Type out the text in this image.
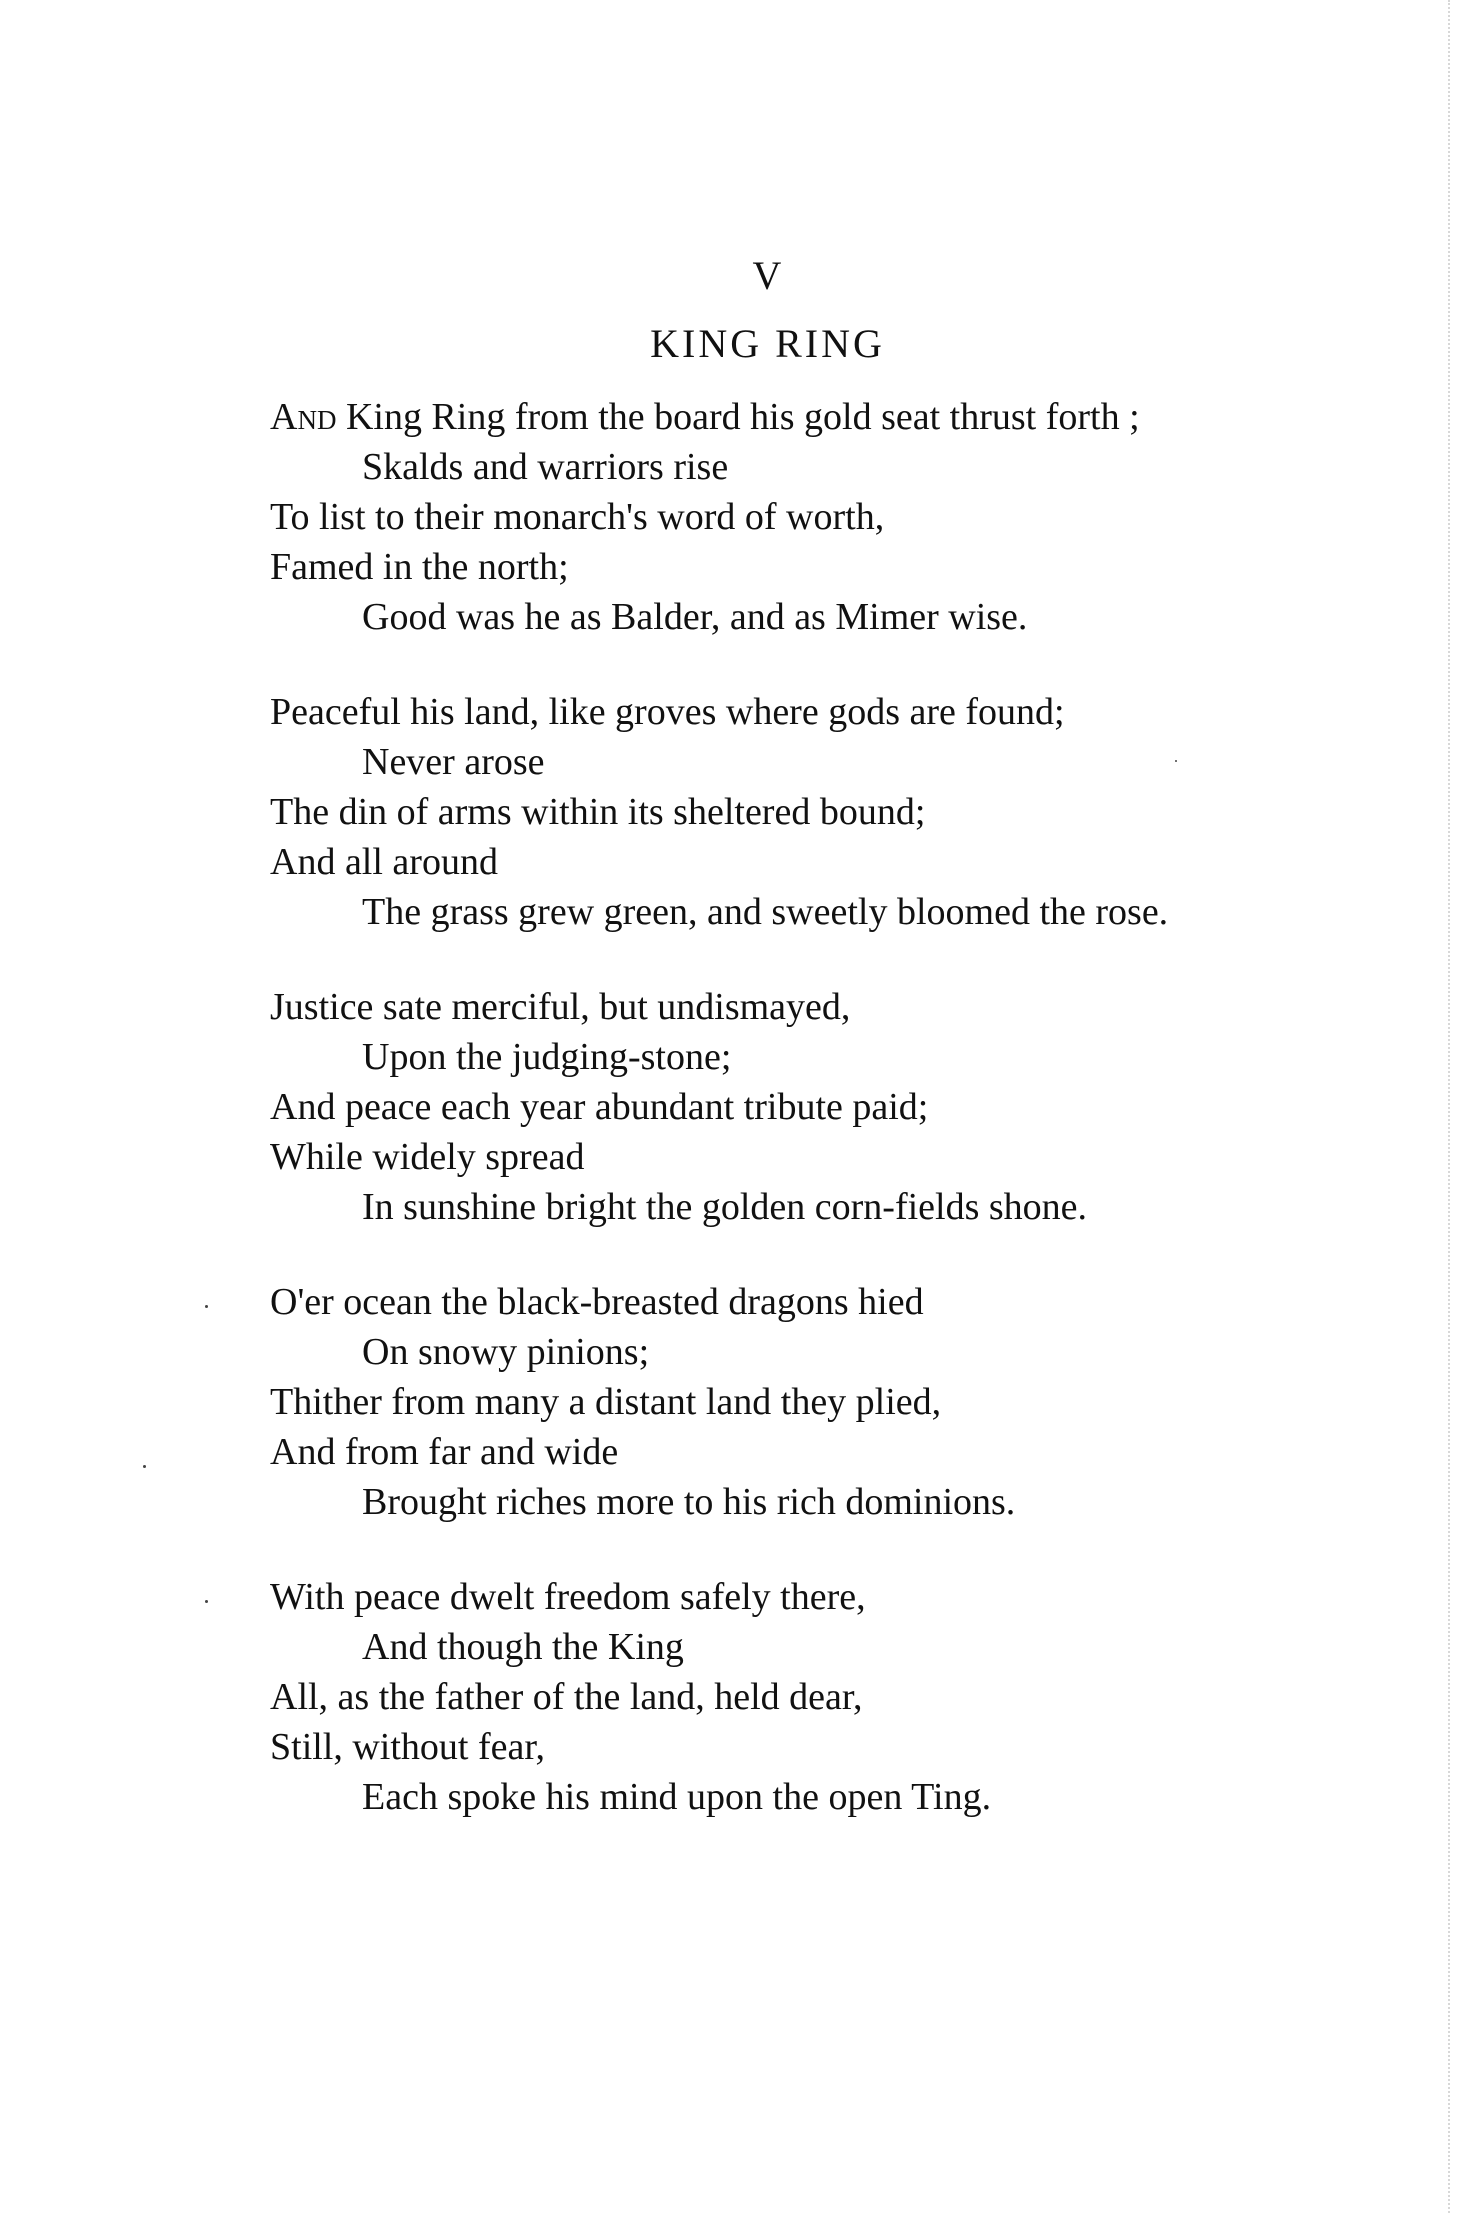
V
KING RING
And King Ring from the board his gold seat thrust forth ;
Skalds and warriors rise
To list to their monarch's word of worth,
Famed in the north;
Good was he as Balder, and as Mimer wise.
Peaceful his land, like groves where gods are found;
Never arose
The din of arms within its sheltered bound;
And all around
The grass grew green, and sweetly bloomed the rose.
Justice sate merciful, but undismayed,
Upon the judging-stone;
And peace each year abundant tribute paid;
While widely spread
In sunshine bright the golden corn-fields shone.
O'er ocean the black-breasted dragons hied
On snowy pinions;
Thither from many a distant land they plied,
And from far and wide
Brought riches more to his rich dominions.
With peace dwelt freedom safely there,
And though the King
All, as the father of the land, held dear,
Still, without fear,
Each spoke his mind upon the open Ting.
